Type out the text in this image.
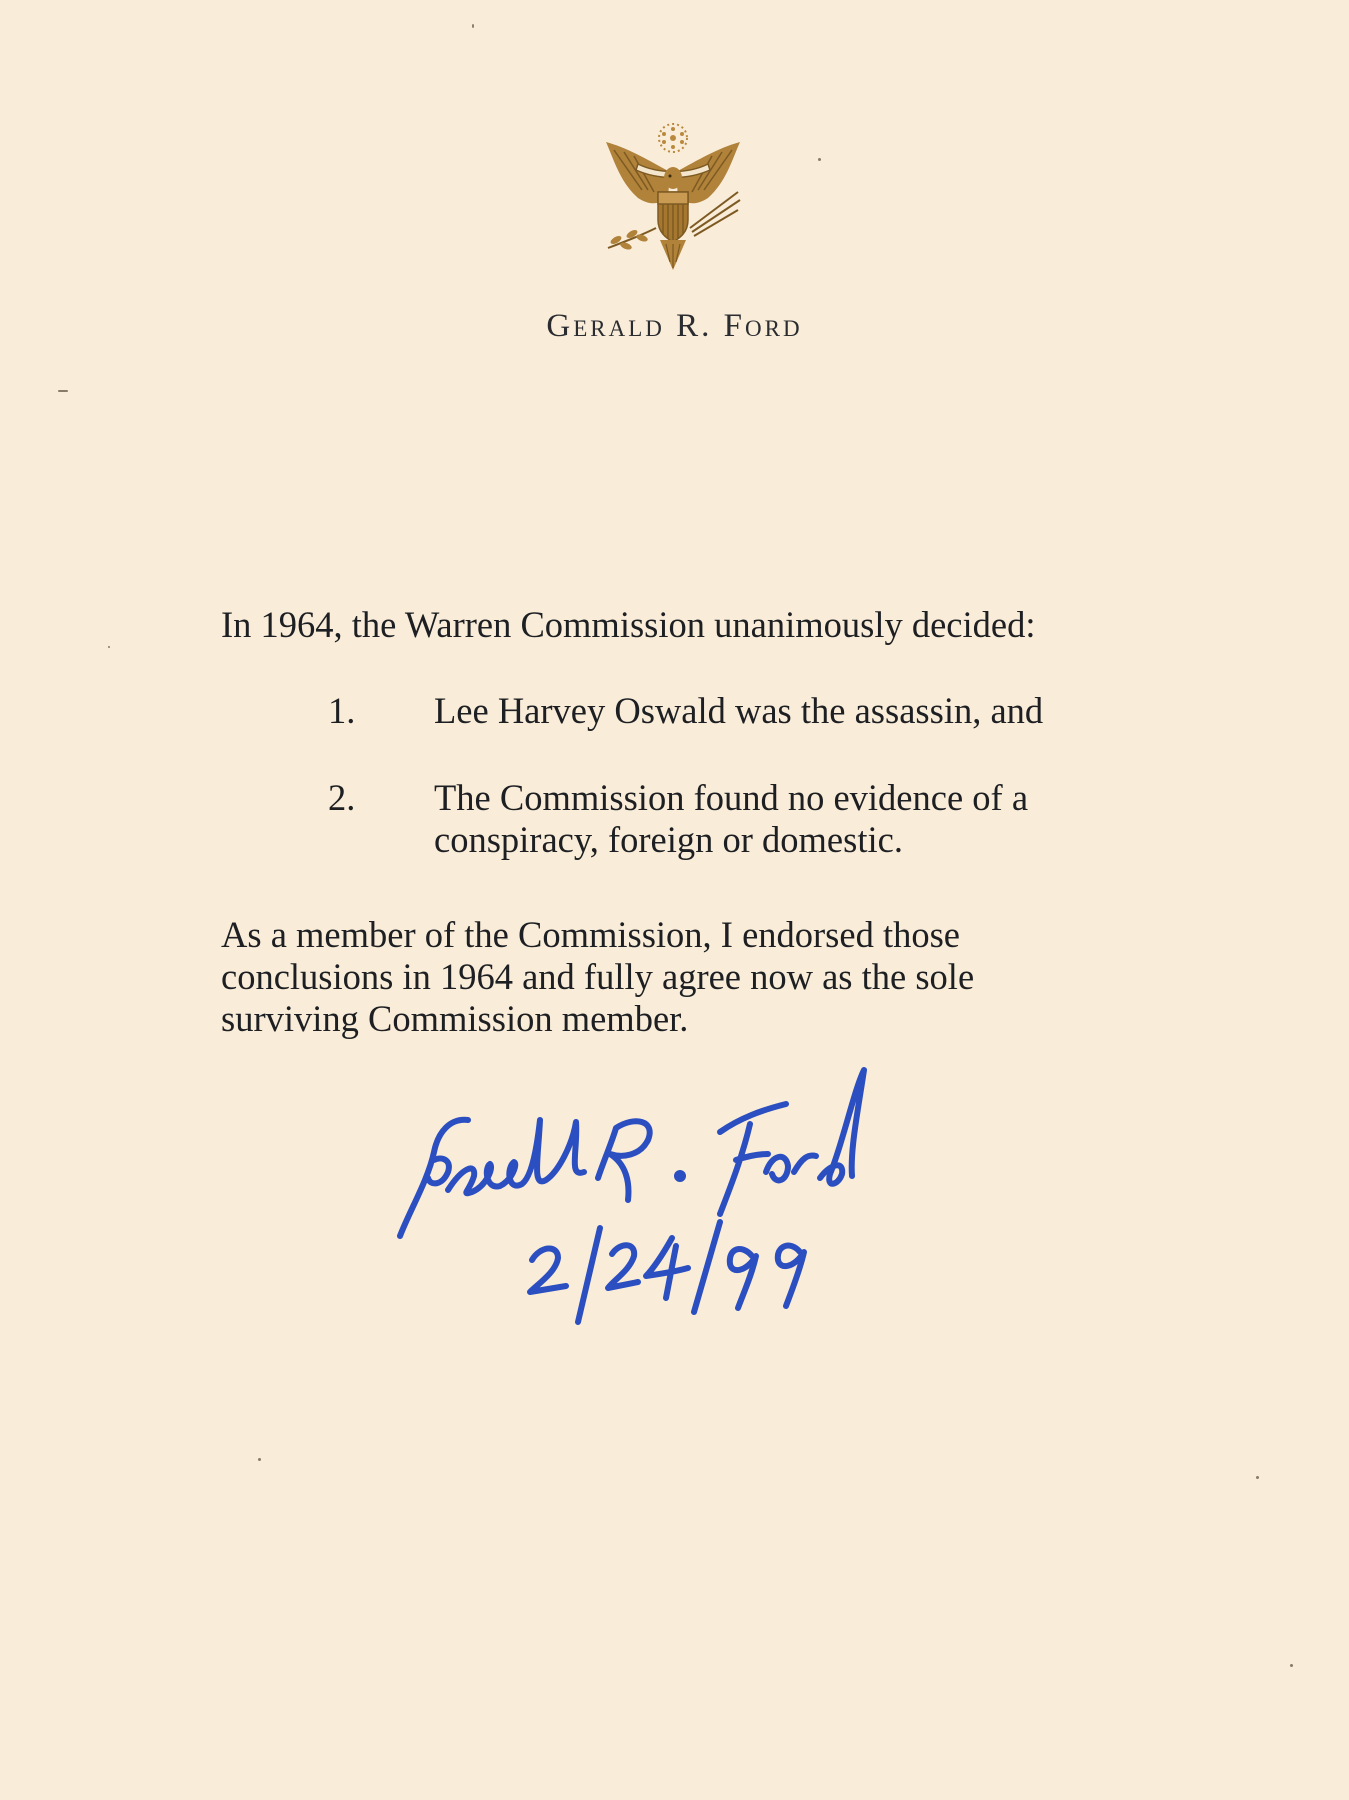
Gerald R. Ford

In 1964, the Warren Commission unanimously decided:

1. Lee Harvey Oswald was the assassin, and
2. The Commission found no evidence of a conspiracy, foreign or domestic.

As a member of the Commission, I endorsed those conclusions in 1964 and fully agree now as the sole surviving Commission member.
